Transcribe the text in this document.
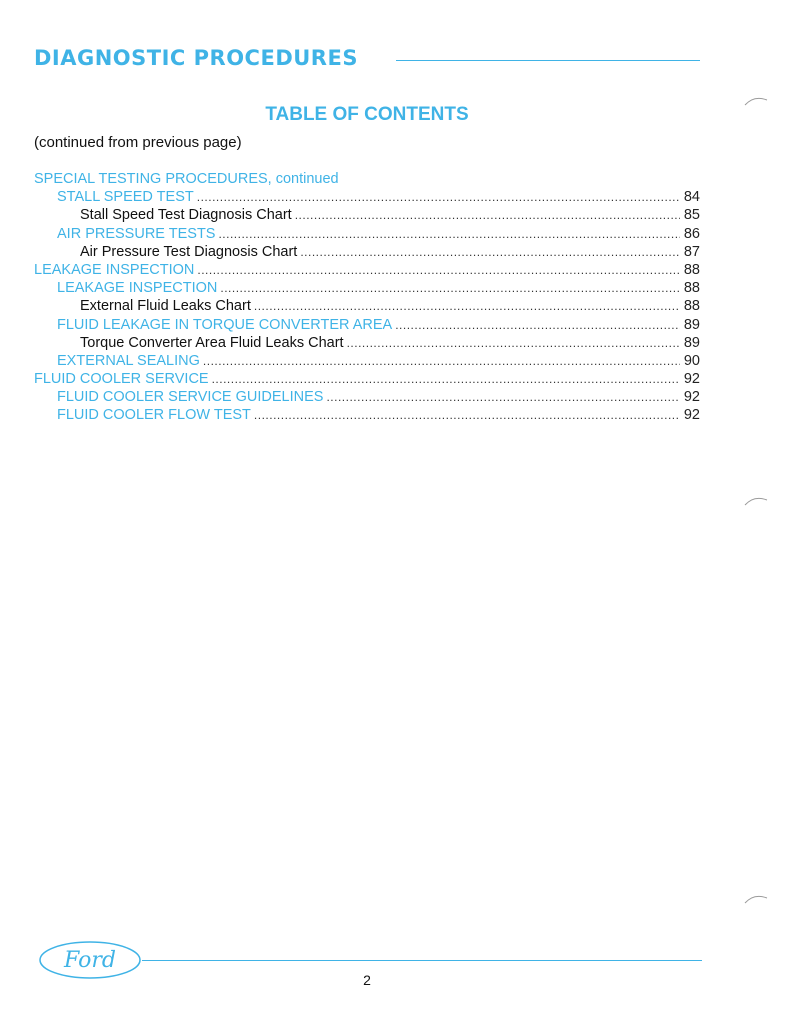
DIAGNOSTIC PROCEDURES
TABLE OF CONTENTS
(continued from previous page)
SPECIAL TESTING PROCEDURES, continued
STALL SPEED TEST .....	84
Stall Speed Test Diagnosis Chart .....	85
AIR PRESSURE TESTS .....	86
Air Pressure Test Diagnosis Chart .....	87
LEAKAGE INSPECTION .....	88
LEAKAGE INSPECTION .....	88
External Fluid Leaks Chart .....	88
FLUID LEAKAGE IN TORQUE CONVERTER AREA .....	89
Torque Converter Area Fluid Leaks Chart .....	89
EXTERNAL SEALING .....	90
FLUID COOLER SERVICE .....	92
FLUID COOLER SERVICE GUIDELINES .....	92
FLUID COOLER FLOW TEST .....	92
Ford
2
